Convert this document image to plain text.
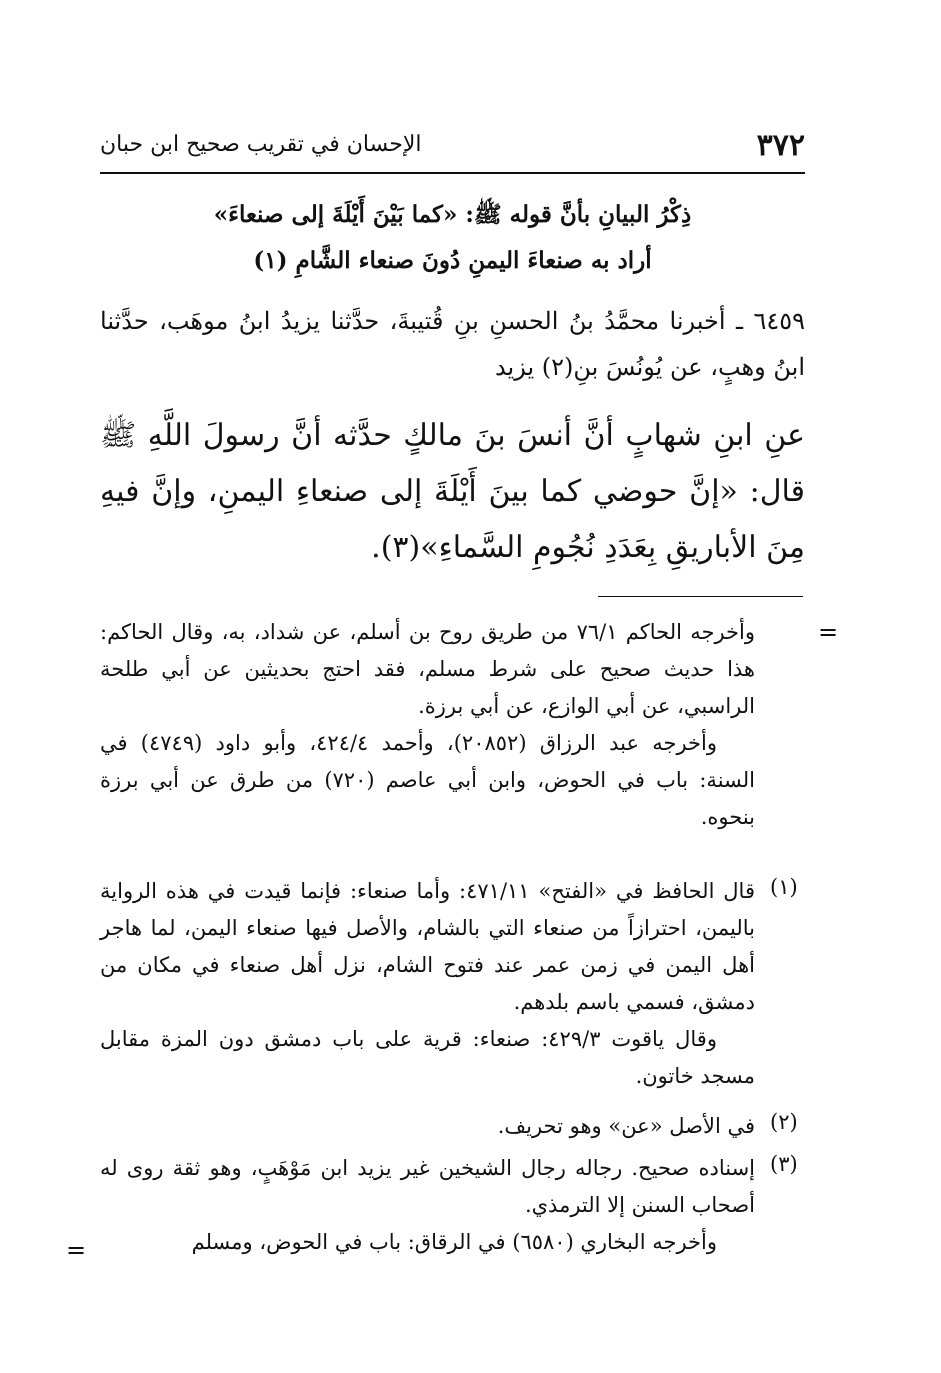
٣٧٢
الإحسان في تقريب صحيح ابن حبان
ذِكْرُ البيانِ بأنَّ قوله ﷺ: «كما بَيْنَ أَيْلَةَ إلى صنعاءَ»
أراد به صنعاءَ اليمنِ دُونَ صنعاء الشَّامِ (١)

٦٤٥٩ ـ أخبرنا محمَّدُ بنُ الحسنِ بنِ قُتيبةَ، حدَّثنا يزيدُ ابنُ موهَب، حدَّثنا ابنُ وهبٍ، عن يُونُسَ بنِ(٢) يزيد

عنِ ابنِ شهابٍ أنَّ أنسَ بنَ مالكٍ حدَّثه أنَّ رسولَ اللَّهِ ﷺ قال: «إنَّ حوضي كما بينَ أَيْلَةَ إلى صنعاءِ اليمنِ، وإنَّ فيهِ مِنَ الأباريقِ بِعَدَدِ نُجُومِ السَّماءِ»(٣).

=

وأخرجه الحاكم ٧٦/١ من طريق روح بن أسلم، عن شداد، به، وقال الحاكم: هذا حديث صحيح على شرط مسلم، فقد احتج بحديثين عن أبي طلحة الراسبي، عن أبي الوازع، عن أبي برزة.

وأخرجه عبد الرزاق (٢٠٨٥٢)، وأحمد ٤٢٤/٤، وأبو داود (٤٧٤٩) في السنة: باب في الحوض، وابن أبي عاصم (٧٢٠) من طرق عن أبي برزة بنحوه.

(١)

قال الحافظ في «الفتح» ٤٧١/١١: وأما صنعاء: فإنما قيدت في هذه الرواية باليمن، احترازاً من صنعاء التي بالشام، والأصل فيها صنعاء اليمن، لما هاجر أهل اليمن في زمن عمر عند فتوح الشام، نزل أهل صنعاء في مكان من دمشق، فسمي باسم بلدهم.

وقال ياقوت ٤٢٩/٣: صنعاء: قرية على باب دمشق دون المزة مقابل مسجد خاتون.

(٢)

في الأصل «عن» وهو تحريف.

(٣)

إسناده صحيح. رجاله رجال الشيخين غير يزيد ابن مَوْهَبٍ، وهو ثقة روى له أصحاب السنن إلا الترمذي.

وأخرجه البخاري (٦٥٨٠) في الرقاق: باب في الحوض، ومسلم

=
